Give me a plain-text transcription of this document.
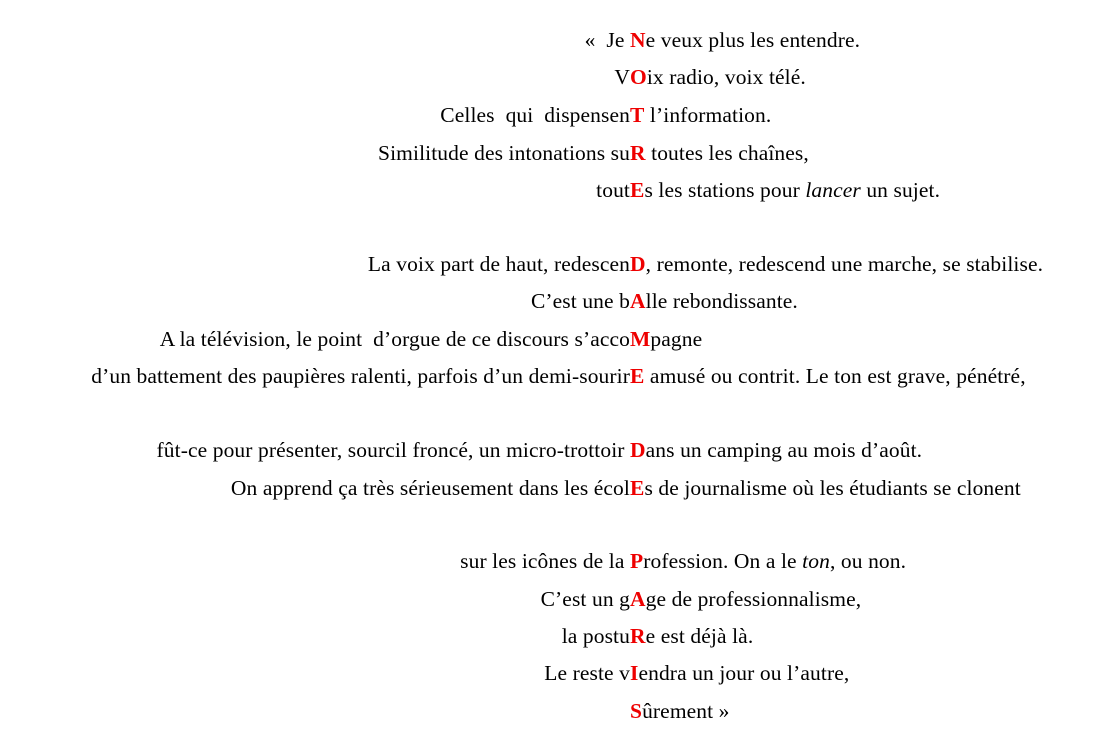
«  Je N e veux plus les entendre.
V O ix radio, voix télé.
Celles  qui  dispensen T l’information.
Similitude des intonations su R toutes les chaînes,
tout E s les stations pour lancer un sujet.
La voix part de haut, redescen D , remonte, redescend une marche, se stabilise.
C’est une b A lle rebondissante.
A la télévision, le point  d’orgue de ce discours s’acco M pagne
d’un battement des paupières ralenti, parfois d’un demi-sourir E amusé ou contrit. Le ton est grave, pénétré,
fût-ce pour présenter, sourcil froncé, un micro-trottoir D ans un camping au mois d’août.
On apprend ça très sérieusement dans les écol E s de journalisme où les étudiants se clonent
sur les icônes de la P rofession. On a le ton, ou non.
C’est un g A ge de professionnalisme,
la postu R e est déjà là.
Le reste v I endra un jour ou l’autre,
S ûrement »
